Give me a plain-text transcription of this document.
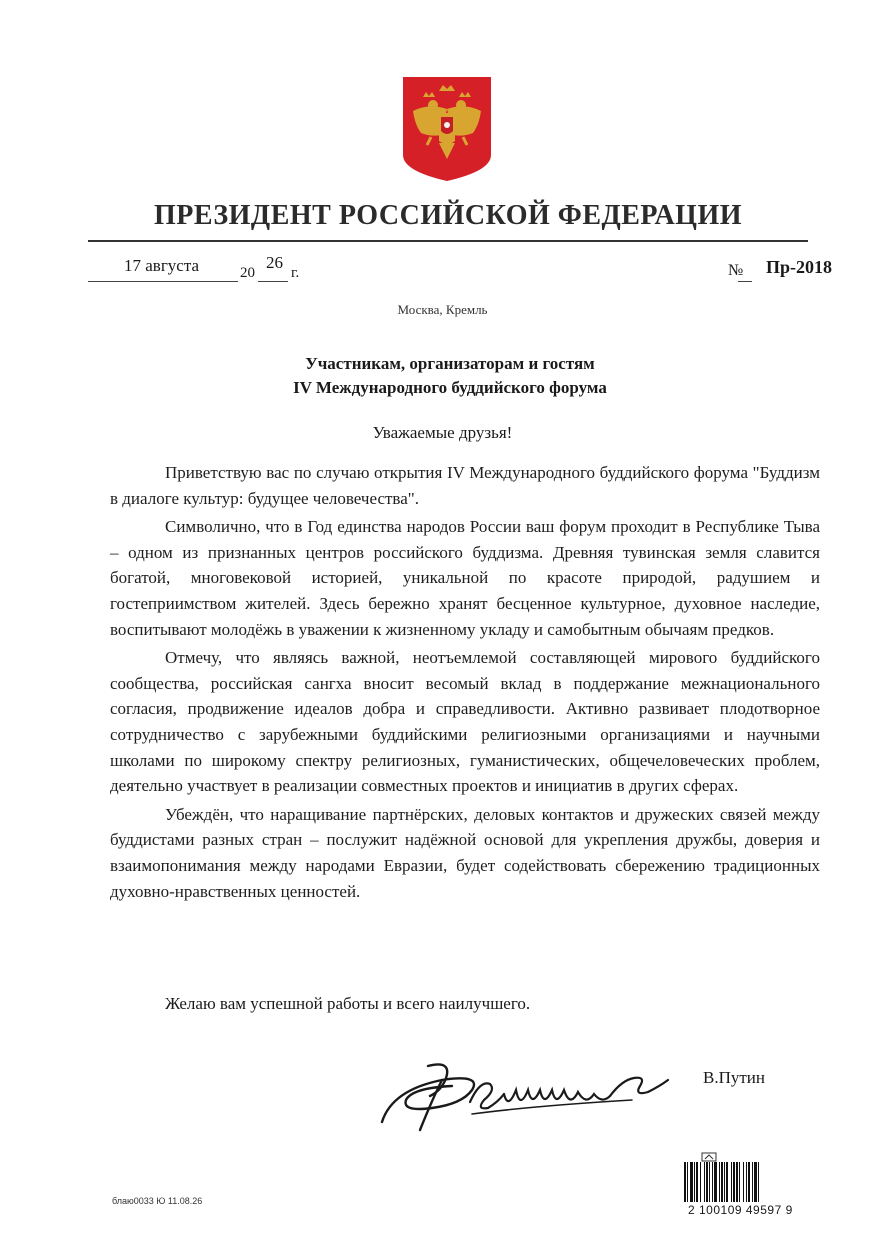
ПРЕЗИДЕНТ РОССИЙСКОЙ ФЕДЕРАЦИИ
17 августа	20
26
г.	№ Пр-2018
Москва, Кремль
Участникам, организаторам и гостям
IV Международного буддийского форума
Уважаемые друзья!

Приветствую вас по случаю открытия IV Международного буддийского форума "Буддизм в диалоге культур: будущее человечества".

Символично, что в Год единства народов России ваш форум проходит в Республике Тыва – одном из признанных центров российского буддизма. Древняя тувинская земля славится богатой, многовековой историей, уникальной по красоте природой, радушием и гостеприимством жителей. Здесь бережно хранят бесценное культурное, духовное наследие, воспитывают молодёжь в уважении к жизненному укладу и самобытным обычаям предков.

Отмечу, что являясь важной, неотъемлемой составляющей мирового буддийского сообщества, российская сангха вносит весомый вклад в поддержание межнационального согласия, продвижение идеалов добра и справедливости. Активно развивает плодотворное сотрудничество с зарубежными буддийскими религиозными организациями и научными школами по широкому спектру религиозных, гуманистических, общечеловеческих проблем, деятельно участвует в реализации совместных проектов и инициатив в других сферах.

Убеждён, что наращивание партнёрских, деловых контактов и дружеских связей между буддистами разных стран – послужит надёжной основой для укрепления дружбы, доверия и взаимопонимания между народами Евразии, будет содействовать сбережению традиционных духовно-нравственных ценностей.

Желаю вам успешной работы и всего наилучшего.
В.Путин
блаю0033 Ю 11.08.26
2 100109 49597 9
